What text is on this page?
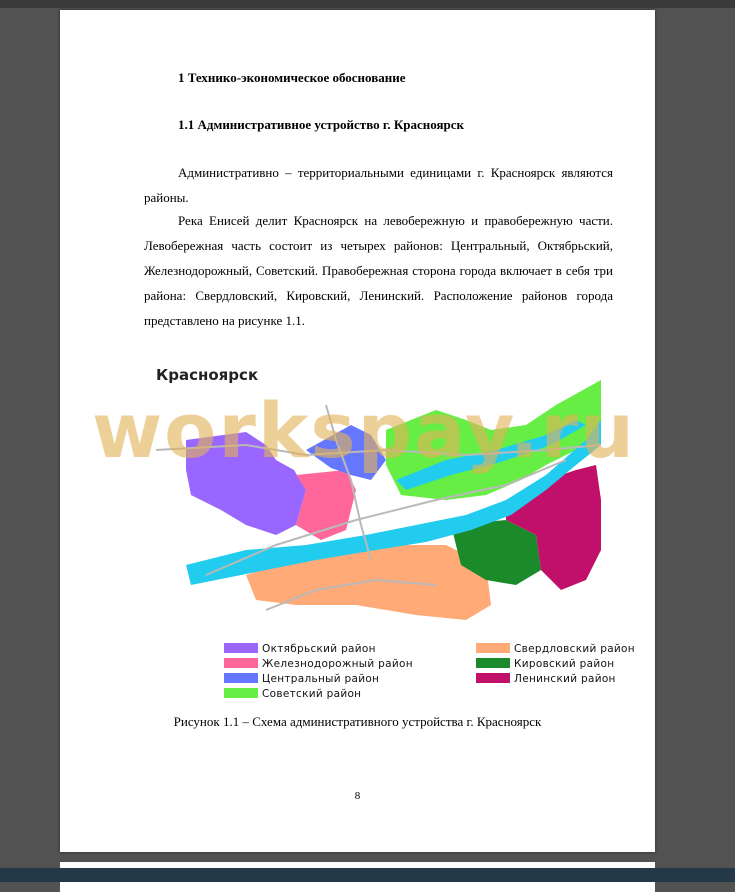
1 Технико-экономическое обоснование
1.1 Административное устройство г. Красноярск

Административно – территориальными единицами г. Красноярск являются районы.

Река Енисей делит Красноярск на левобережную и правобережную части. Левобережная часть состоит из четырех районов: Центральный, Октябрьский, Железнодорожный, Советский. Правобережная сторона города включает в себя три района: Свердловский, Кировский, Ленинский. Расположение районов города представлено на рисунке 1.1.

Красноярск
Октябрьский район
Железнодорожный район
Центральный район
Советский район
Свердловский район
Кировский район
Ленинский район
Рисунок 1.1 – Схема административного устройства г. Красноярск
8
workspay.ru
